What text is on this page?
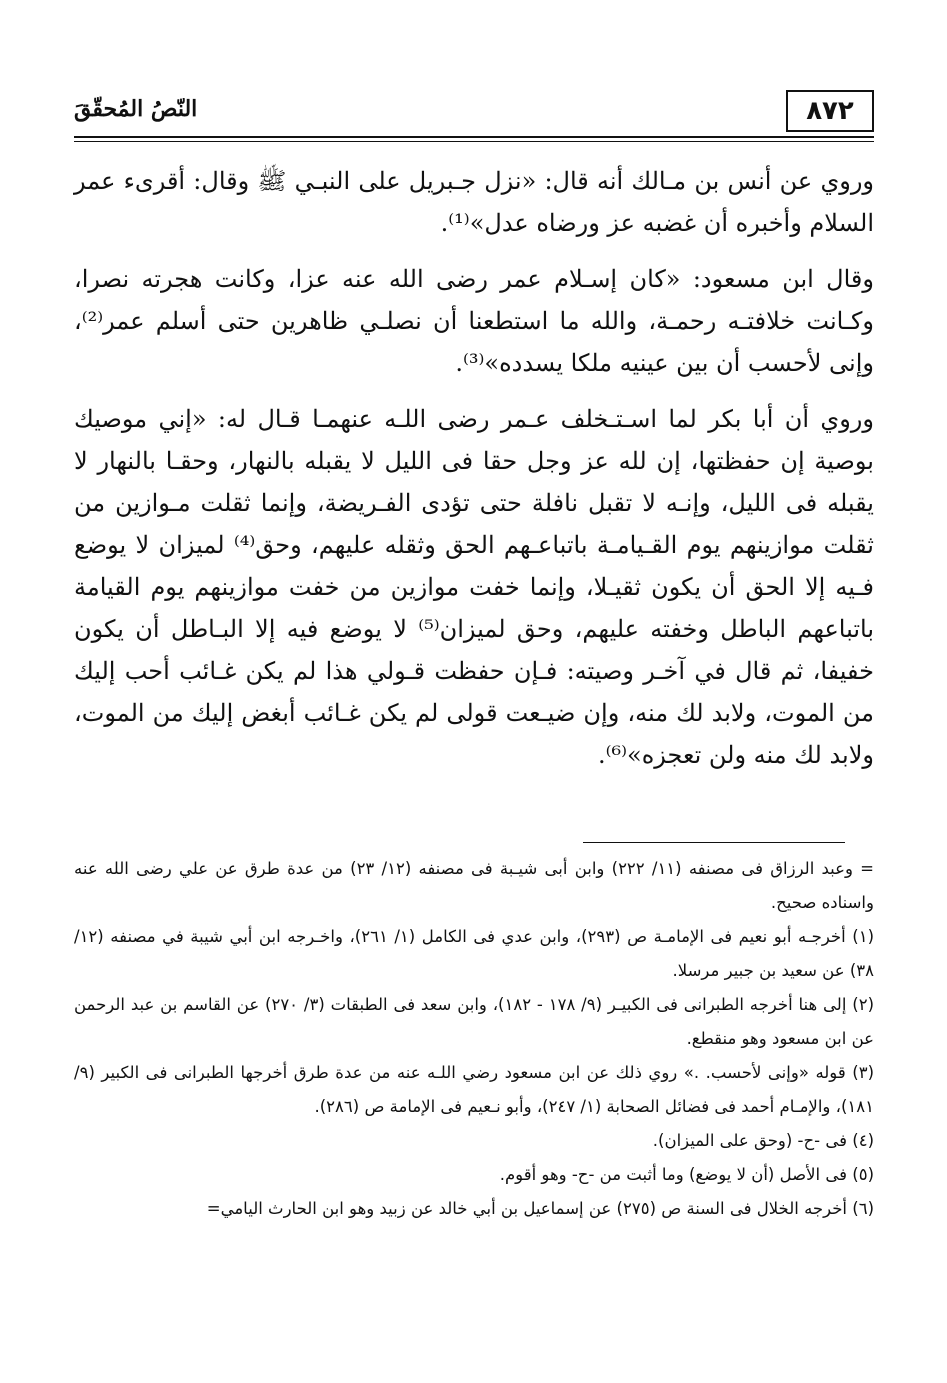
٨٧٢
النّصُ المُحقّقَ

وروي عن أنس بن مـالك أنه قال: «نزل جـبريل على النبـي ﷺ وقال: أقرىء عمر السلام وأخبره أن غضبه عز ورضاه عدل»⁽¹⁾.

وقال ابن مسعود: «كان إسـلام عمر رضى الله عنه عزا، وكانت هجرته نصرا، وكـانت خلافتـه رحمـة، والله ما استطعنا أن نصلـي ظاهرين حتى أسلم عمر⁽²⁾، وإنى لأحسب أن بين عينيه ملكا يسدده»⁽³⁾.

وروي أن أبا بكر لما اسـتـخلف عـمر رضى اللـه عنهمـا قـال له: «إني موصيك بوصية إن حفظتها، إن لله عز وجل حقا فى الليل لا يقبله بالنهار، وحقـا بالنهار لا يقبله فى الليل، وإنـه لا تقبل نافلة حتى تؤدى الفـريضة، وإنما ثقلت مـوازين من ثقلت موازينهم يوم القـيامـة باتباعـهم الحق وثقله عليهم، وحق⁽⁴⁾ لميزان لا يوضع فـيه إلا الحق أن يكون ثقيـلا، وإنما خفت موازين من خفت موازينهم يوم القيامة باتباعهم الباطل وخفته عليهم، وحق لميزان⁽⁵⁾ لا يوضع فيه إلا البـاطل أن يكون خفيفا، ثم قال في آخـر وصيته: فـإن حفظت قـولي هذا لم يكن غـائب أحب إليك من الموت، ولابد لك منه، وإن ضيـعت قولى لم يكن غـائب أبغض إليك من الموت، ولابد لك منه ولن تعجزه»⁽⁶⁾.

= وعبد الرزاق فى مصنفه (١١/ ٢٢٢) وابن أبى شيـبة فى مصنفه (١٢/ ٢٣) من عدة طرق عن علي رضى الله عنه واسناده صحيح.

(١) أخرجـه أبو نعيم فى الإمامـة ص (٢٩٣)، وابن عدي فى الكامل (١/ ٢٦١)، واخـرجه ابن أبي شيبة في مصنفه (١٢/ ٣٨) عن سعيد بن جبير مرسلا.

(٢) إلى هنا أخرجه الطبرانى فى الكبيـر (٩/ ١٧٨ - ١٨٢)، وابن سعد فى الطبقات (٣/ ٢٧٠) عن القاسم بن عبد الرحمن عن ابن مسعود وهو منقطع.

(٣) قوله «وإنى لأحسب. .» روي ذلك عن ابن مسعود رضي اللـه عنه من عدة طرق أخرجها الطبرانى فى الكبير (٩/ ١٨١)، والإمـام أحمد فى فضائل الصحابة (١/ ٢٤٧)، وأبو نـعيم فى الإمامة ص (٢٨٦).

(٤) فى -ح- (وحق على الميزان).

(٥) فى الأصل (أن لا يوضع) وما أثبت من -ح- وهو أقوم.

(٦) أخرجه الخلال فى السنة ص (٢٧٥) عن إسماعيل بن أبي خالد عن زبيد وهو ابن الحارث اليامي=
